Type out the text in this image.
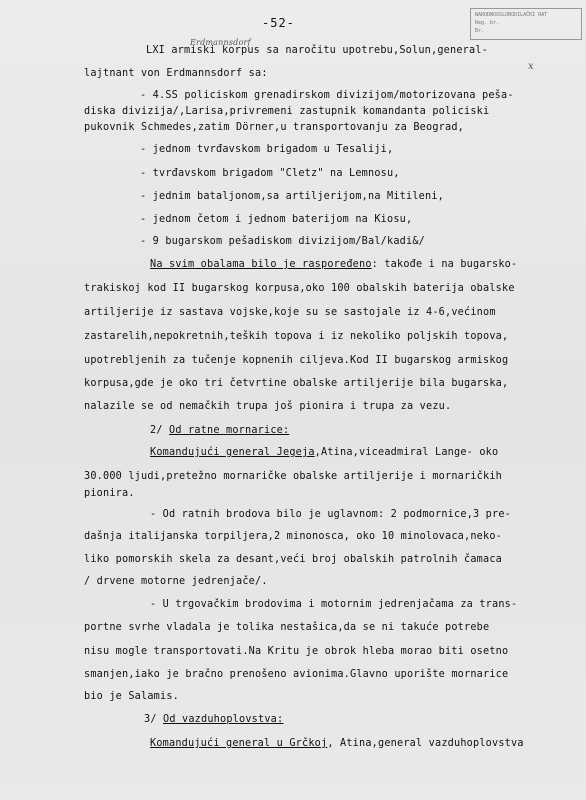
NARODNOOSLOBODILAČKI RAT
Reg. br.
Br.
-52-
Erdmannsdorf
LXI armiski korpus sa naročitu upotrebu,Solun,general-
lajtnant von Erdmannsdorf sa:
- 4.SS policiskom grenadirskom divizijom/motorizovana pešа-
diska divizija/,Larisa,privremeni zastupnik komandanta policiski
pukovnik Schmedes,zatim Dörner,u transportovanju za Beograd,
- jednom tvrđavskom brigadom u Tesaliji,
- tvrđavskom brigadom "Cletz" na Lemnosu,
- jednim bataljonom,sa artiljerijom,na Mitileni,
- jednom četom i jednom baterijom na Kiosu,
- 9 bugarskom pešadiskom divizijom/Bal/kadi&/
Na svim obalama bilo je raspoređeno: takođe i na bugarsko-
trakiskoj kod II bugarskog korpusa,oko 100 obalskih baterija obalske
artiljerije iz sastava vojske,koje su se sastojale iz 4-6,većinom
zastarelih,nepokretnih,teških topova i iz nekoliko poljskih topova,
upotrebljenih za tučenje kopnenih ciljeva.Kod II bugarskog armiskog
korpusa,gde je oko tri četvrtine obalske artiljerije bila bugarska,
nalazile se od nemačkih trupa još pionira i trupa za vezu.
2/ Od ratne mornarice:
Komandujući general Jegeja,Atina,viceadmiral Lange- oko
30.000 ljudi,pretežno mornaričke obalske artiljerije i mornaričkih
pionira.
- Od ratnih brodova bilo je uglavnom: 2 podmornice,3 pre-
dašnja italijanska torpiljera,2 minonosca, oko 10 minolovaca,neko-
liko pomorskih skela za desant,veći broj obalskih patrolnih čamaca
/ drvene motorne jedrenjače/.
- U trgovačkim brodovima i motornim jedrenjačama za trans-
portne svrhe vladala je tolika nestašica,da se ni takuće potrebe
nisu mogle transportovati.Na Kritu je obrok hleba morao biti osetno
smanjen,iako je bračno prenošeno avionima.Glavno uporište mornarice
bio je Salamis.
3/ Od vazduhoplovstva:
Komandujući general u Grčkoj, Atina,general vazduhoplovstva
x
